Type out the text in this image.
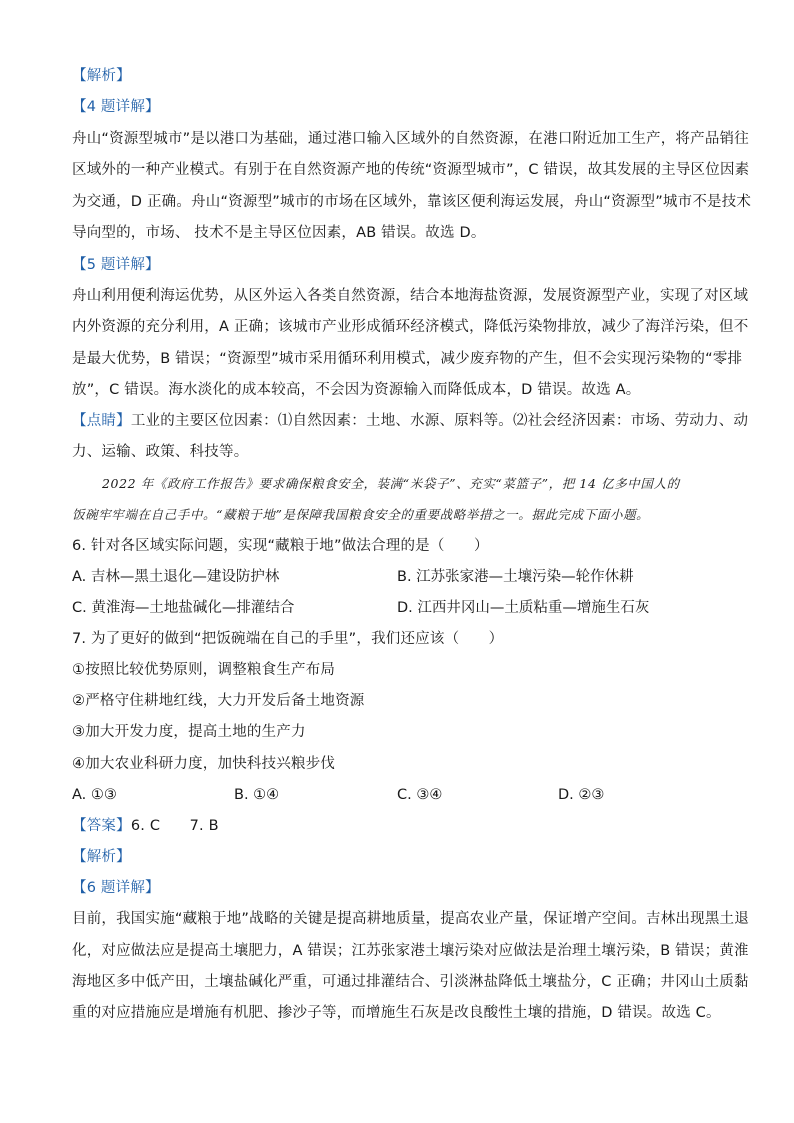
【解析】
【4 题详解】
舟山“资源型城市”是以港口为基础，通过港口输入区域外的自然资源，在港口附近加工生产，将产品销往
区域外的一种产业模式。有别于在自然资源产地的传统“资源型城市”，C 错误，故其发展的主导区位因素
为交通，D 正确。舟山“资源型”城市的市场在区域外，靠该区便利海运发展，舟山“资源型”城市不是技术
导向型的，市场、 技术不是主导区位因素，AB 错误。故选 D。
【5 题详解】
舟山利用便利海运优势，从区外运入各类自然资源，结合本地海盐资源，发展资源型产业，实现了对区域
内外资源的充分利用，A 正确；该城市产业形成循环经济模式，降低污染物排放，减少了海洋污染，但不
是最大优势，B 错误；“资源型”城市采用循环利用模式，减少废弃物的产生，但不会实现污染物的“零排
放”，C 错误。海水淡化的成本较高，不会因为资源输入而降低成本，D 错误。故选 A。
【点睛】工业的主要区位因素：⑴自然因素：土地、水源、原料等。⑵社会经济因素：市场、劳动力、动
力、运输、政策、科技等。
2022 年《政府工作报告》要求确保粮食安全，装满“米袋子”、充实“菜篮子”，把 14 亿多中国人的
饭碗牢牢端在自己手中。“藏粮于地”是保障我国粮食安全的重要战略举措之一。据此完成下面小题。
6. 针对各区域实际问题，实现“藏粮于地”做法合理的是（　　）
A. 吉林—黑土退化—建设防护林	B. 江苏张家港—土壤污染—轮作休耕
C. 黄淮海—土地盐碱化—排灌结合	D. 江西井冈山—土质粘重—增施生石灰
7. 为了更好的做到“把饭碗端在自己的手里”，我们还应该（　　）
①按照比较优势原则，调整粮食生产布局
②严格守住耕地红线，大力开发后备土地资源
③加大开发力度，提高土地的生产力
④加大农业科研力度，加快科技兴粮步伐
A. ①③	B. ①④	C. ③④	D. ②③
【答案】6. C　　7. B
【解析】
【6 题详解】
目前，我国实施“藏粮于地”战略的关键是提高耕地质量，提高农业产量，保证增产空间。吉林出现黑土退
化，对应做法应是提高土壤肥力，A 错误；江苏张家港土壤污染对应做法是治理土壤污染，B 错误；黄淮
海地区多中低产田，土壤盐碱化严重，可通过排灌结合、引淡淋盐降低土壤盐分，C 正确；井冈山土质黏
重的对应措施应是增施有机肥、掺沙子等，而增施生石灰是改良酸性土壤的措施，D 错误。故选 C。
